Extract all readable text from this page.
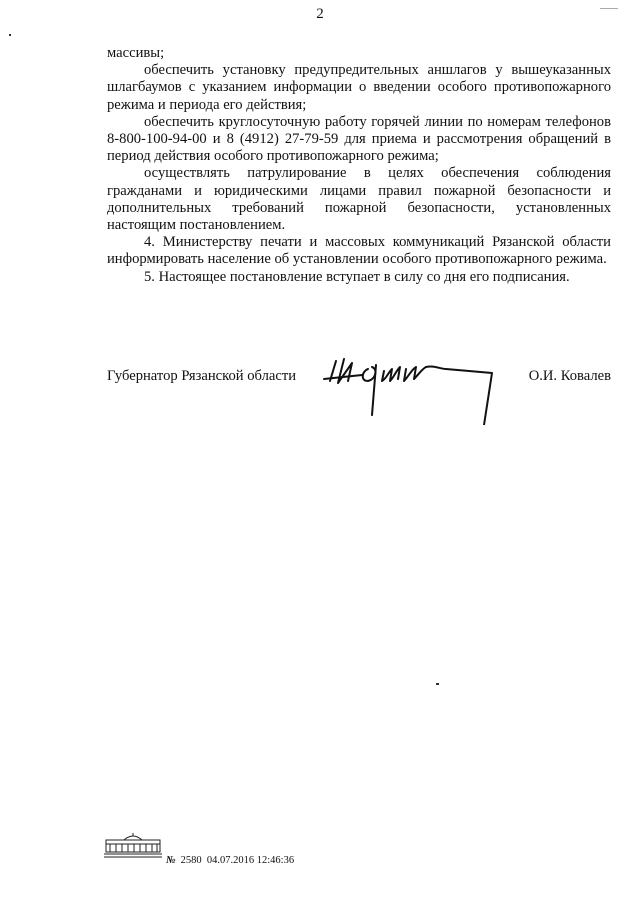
2

массивы;

обеспечить установку предупредительных аншлагов у вышеуказанных шлагбаумов с указанием информации о введении особого противопожарного режима и периода его действия;

обеспечить круглосуточную работу горячей линии по номерам телефонов 8-800-100-94-00 и 8 (4912) 27-79-59 для приема и рассмотрения обращений в период действия особого противопожарного режима;

осуществлять патрулирование в целях обеспечения соблюдения гражданами и юридическими лицами правил пожарной безопасности и дополнительных требований пожарной безопасности, установленных настоящим постановлением.

4. Министерству печати и массовых коммуникаций Рязанской области информировать население об установлении особого противопожарного режима.

5. Настоящее постановление вступает в силу со дня его подписания.

Губернатор Рязанской области	О.И. Ковалев
№ 2580 04.07.2016 12:46:36
